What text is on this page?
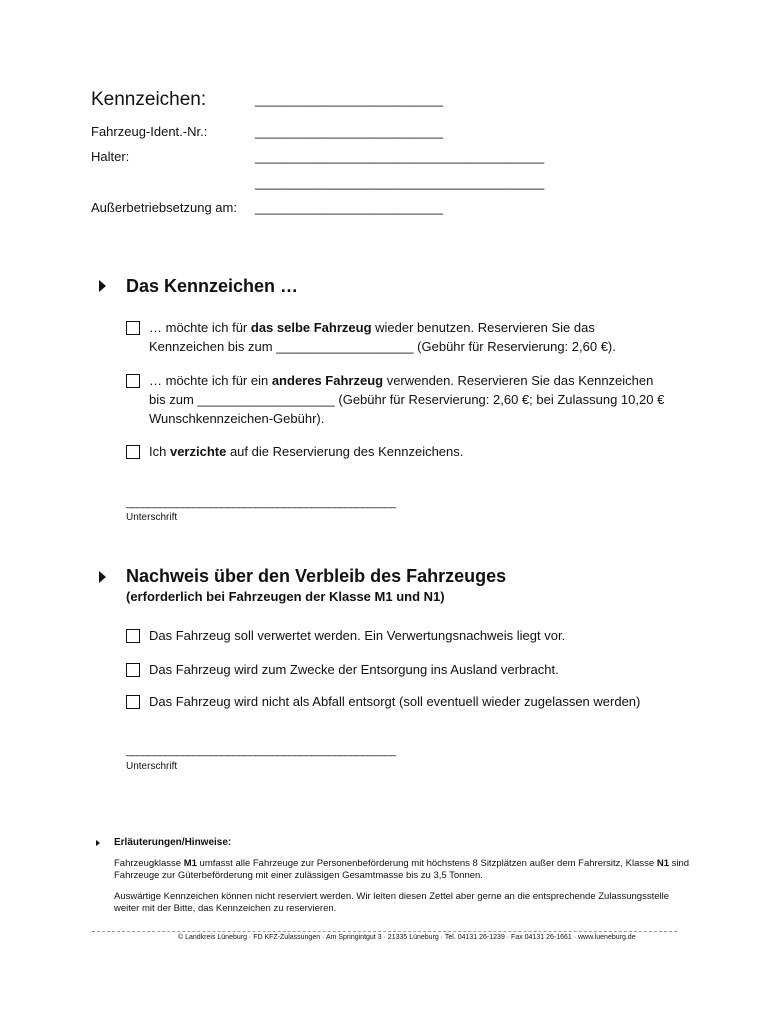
Kennzeichen:	__________________________
Fahrzeug-Ident.-Nr.:	__________________________
Halter:	________________________________________
________________________________________
Außerbetriebsetzung am: __________________________
Das Kennzeichen …
… möchte ich für das selbe Fahrzeug wieder benutzen. Reservieren Sie das Kennzeichen bis zum ___________________ (Gebühr für Reservierung: 2,60 €).
… möchte ich für ein anderes Fahrzeug verwenden. Reservieren Sie das Kennzeichen bis zum ___________________ (Gebühr für Reservierung: 2,60 €; bei Zulassung 10,20 € Wunschkennzeichen-Gebühr).
Ich verzichte auf die Reservierung des Kennzeichens.
________________________________________________
Unterschrift
Nachweis über den Verbleib des Fahrzeuges
(erforderlich bei Fahrzeugen der Klasse M1 und N1)
Das Fahrzeug soll verwertet werden. Ein Verwertungsnachweis liegt vor.
Das Fahrzeug wird zum Zwecke der Entsorgung ins Ausland verbracht.
Das Fahrzeug wird nicht als Abfall entsorgt (soll eventuell wieder zugelassen werden)
________________________________________________
Unterschrift
Erläuterungen/Hinweise:
Fahrzeugklasse M1 umfasst alle Fahrzeuge zur Personenbeförderung mit höchstens 8 Sitzplätzen außer dem Fahrersitz, Klasse N1 sind Fahrzeuge zur Güterbeförderung mit einer zulässigen Gesamtmasse bis zu 3,5 Tonnen.
Auswärtige Kennzeichen können nicht reserviert werden. Wir leiten diesen Zettel aber gerne an die entsprechende Zulassungsstelle weiter mit der Bitte, das Kennzeichen zu reservieren.
© Landkreis Lüneburg · FD KFZ-Zulassungen · Am Springintgut 3 · 21335 Lüneburg · Tel. 04131 26-1239 · Fax 04131 26-1661 · www.lueneburg.de
